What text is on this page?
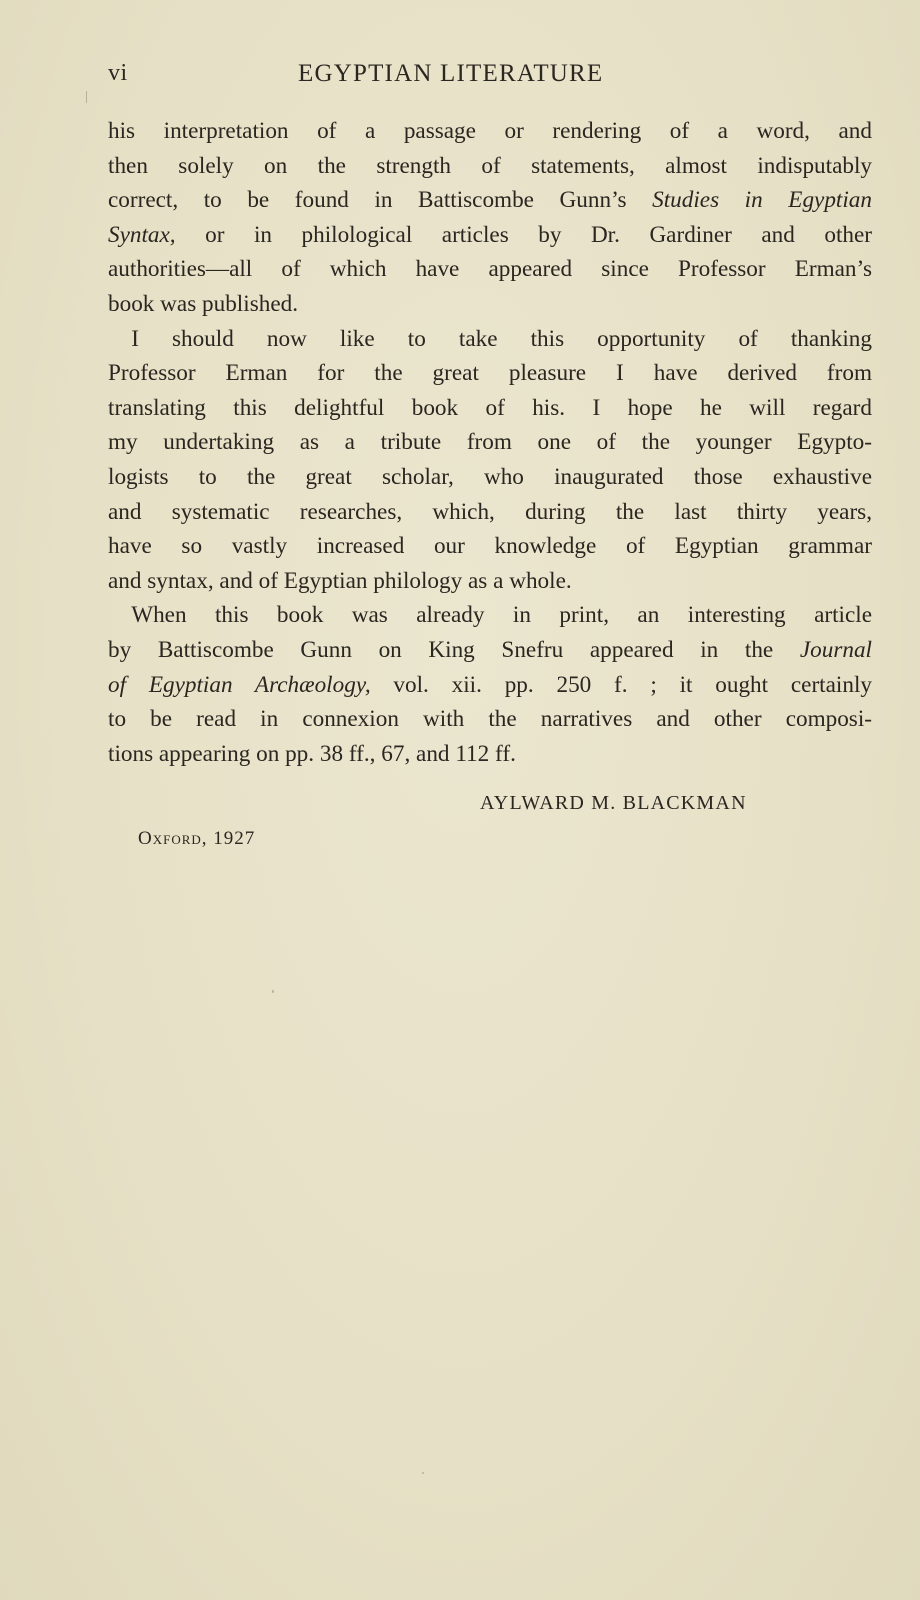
vi	EGYPTIAN LITERATURE

his interpretation of a passage or rendering of a word, and
then solely on the strength of statements, almost indisputably
correct, to be found in Battiscombe Gunn’s Studies in Egyptian
Syntax, or in philological articles by Dr. Gardiner and other
authorities—all of which have appeared since Professor Erman’s
book was published.

 I should now like to take this opportunity of thanking
Professor Erman for the great pleasure I have derived from
translating this delightful book of his. I hope he will regard
my undertaking as a tribute from one of the younger Egypto-
logists to the great scholar, who inaugurated those exhaustive
and systematic researches, which, during the last thirty years,
have so vastly increased our knowledge of Egyptian grammar
and syntax, and of Egyptian philology as a whole.

 When this book was already in print, an interesting article
by Battiscombe Gunn on King Snefru appeared in the Journal
of Egyptian Archæology, vol. xii. pp. 250 f. ; it ought certainly
to be read in connexion with the narratives and other composi-
tions appearing on pp. 38 ff., 67, and 112 ff.

AYLWARD M. BLACKMAN
Oxford, 1927
